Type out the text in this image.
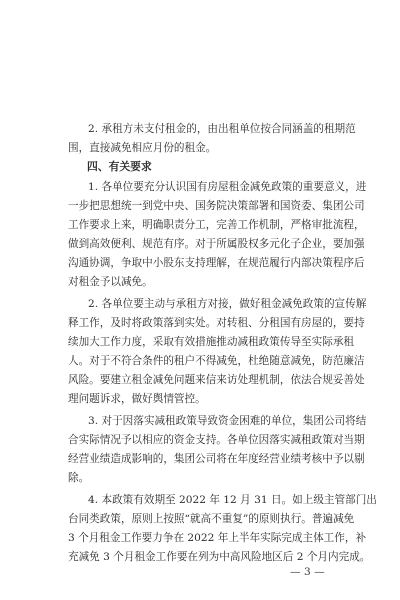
2. 承租方未支付租金的，由出租单位按合同涵盖的租期范
围，直接减免相应月份的租金。
四、有关要求
1. 各单位要充分认识国有房屋租金减免政策的重要意义，进
一步把思想统一到党中央、国务院决策部署和国资委、集团公司
工作要求上来，明确职责分工，完善工作机制，严格审批流程，
做到高效便利、规范有序。对于所属股权多元化子企业，要加强
沟通协调，争取中小股东支持理解，在规范履行内部决策程序后
对租金予以减免。
2. 各单位要主动与承租方对接，做好租金减免政策的宣传解
释工作，及时将政策落到实处。对转租、分租国有房屋的，要持
续加大工作力度，采取有效措施推动减租政策传导至实际承租
人。对于不符合条件的租户不得减免，杜绝随意减免，防范廉洁
风险。要建立租金减免问题来信来访处理机制，依法合规妥善处
理问题诉求，做好舆情管控。
3. 对于因落实减租政策导致资金困难的单位，集团公司将结
合实际情况予以相应的资金支持。各单位因落实减租政策对当期
经营业绩造成影响的，集团公司将在年度经营业绩考核中予以剔
除。
4. 本政策有效期至 2022 年 12 月 31 日。如上级主管部门出
台同类政策，原则上按照“就高不重复”的原则执行。普遍减免
3 个月租金工作要力争在 2022 年上半年实际完成主体工作，补
充减免 3 个月租金工作要在列为中高风险地区后 2 个月内完成。
— 3 —
